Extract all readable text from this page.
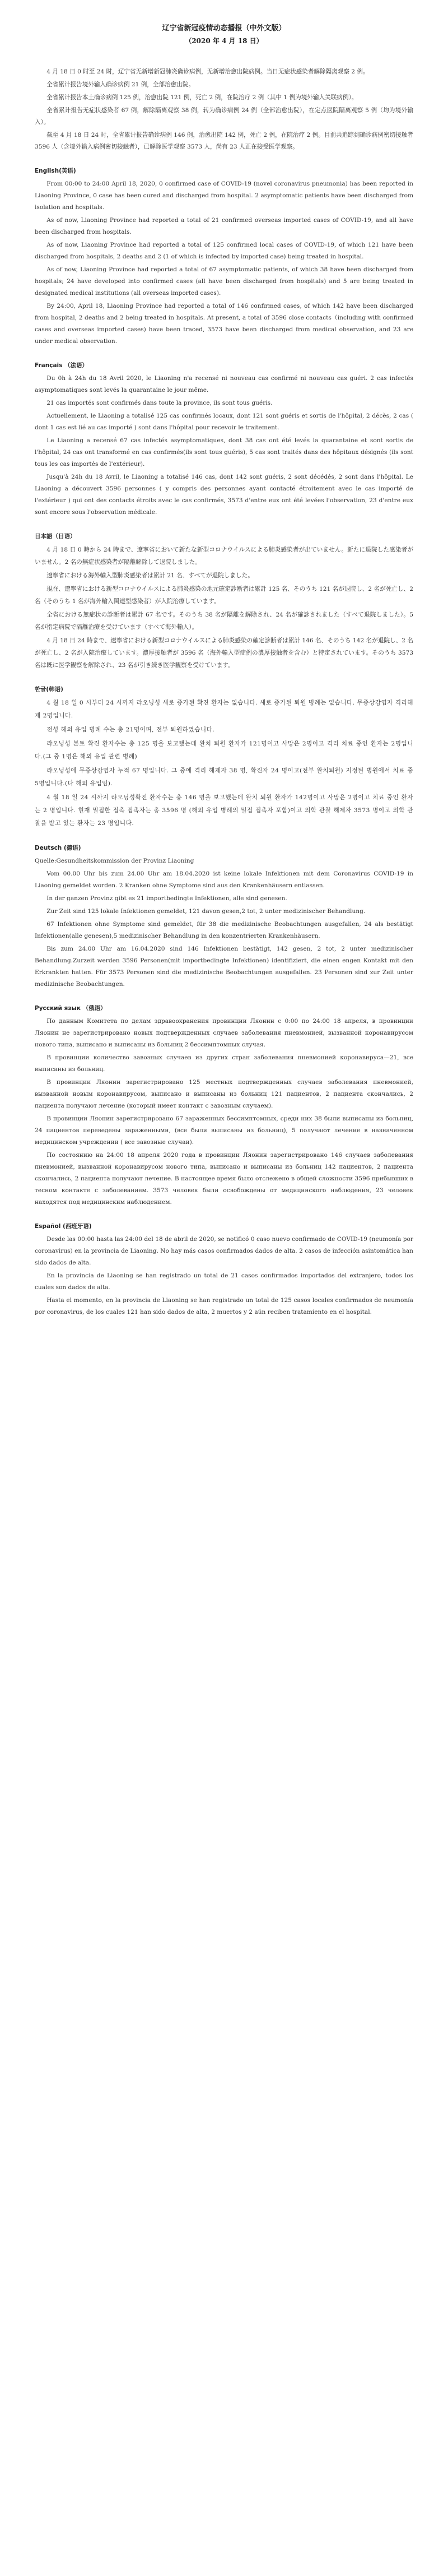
辽宁省新冠疫情动态播报（中外文版）
（2020 年 4 月 18 日）

4 月 18 日 0 时至 24 时，辽宁省无新增新冠肺炎确诊病例，无新增治愈出院病例。当日无症状感染者解除隔离观察 2 例。

全省累计报告境外输入确诊病例 21 例，全部治愈出院。

全省累计报告本土确诊病例 125 例，治愈出院 121 例，死亡 2 例，在院治疗 2 例（其中 1 例为境外输入关联病例）。

全省累计报告无症状感染者 67 例，解除隔离观察 38 例，转为确诊病例 24 例（全部治愈出院），在定点医院隔离观察 5 例（均为境外输入）。

截至 4 月 18 日 24 时，全省累计报告确诊病例 146 例，治愈出院 142 例，死亡 2 例，在院治疗 2 例。目前共追踪到确诊病例密切接触者 3596 人（含境外输入病例密切接触者），已解除医学观察 3573 人，尚有 23 人正在接受医学观察。

English(英语)

From 00:00 to 24:00 April 18, 2020, 0 confirmed case of COVID-19 (novel coronavirus pneumonia) has been reported in Liaoning Province, 0 case has been cured and discharged from hospital. 2 asymptomatic patients have been discharged from isolation and hospitals.

As of now, Liaoning Province had reported a total of 21 confirmed overseas imported cases of COVID-19, and all have been discharged from hospitals.

As of now, Liaoning Province had reported a total of 125 confirmed local cases of COVID-19, of which 121 have been discharged from hospitals, 2 deaths and 2 (1 of which is infected by imported case) being treated in hospital.

As of now, Liaoning Province had reported a total of 67 asymptomatic patients, of which 38 have been discharged from hospitals; 24 have developed into confirmed cases (all have been discharged from hospitals) and 5 are being treated in designated medical institutions (all overseas imported cases).

By 24:00, April 18, Liaoning Province had reported a total of 146 confirmed cases, of which 142 have been discharged from hospital, 2 deaths and 2 being treated in hospitals. At present, a total of 3596 close contacts（including with confirmed cases and overseas imported cases) have been traced, 3573 have been discharged from medical observation, and 23 are under medical observation.

Français （法语）

Du 0h à 24h du 18 Avril 2020, le Liaoning n'a recensé ni nouveau cas confirmé ni nouveau cas guéri. 2 cas infectés asymptomatiques sont levés la quarantaine le jour même.

21 cas importés sont confirmés dans toute la province, ils sont tous guéris.

Actuellement, le Liaoning a totalisé 125 cas confirmés locaux, dont 121 sont guéris et sortis de l'hôpital, 2 décès, 2 cas ( dont 1 cas est lié au cas importé ) sont dans l'hôpital pour recevoir le traitement.

Le Liaoning a recensé 67 cas infectés asymptomatiques, dont 38 cas ont été levés la quarantaine et sont sortis de l'hôpital, 24 cas ont transformé en cas confirmés(ils sont tous guéris), 5 cas sont traités dans des hôpitaux désignés (ils sont tous les cas importés de l'extérieur).

Jusqu'à 24h du 18 Avril, le Liaoning a totalisé 146 cas, dont 142 sont guéris, 2 sont décédés, 2 sont dans l'hôpital. Le Liaoning a découvert 3596 personnes ( y compris des personnes ayant contacté étroitement avec le cas importé de l'extérieur ) qui ont des contacts étroits avec le cas confirmés, 3573 d'entre eux ont été levées l'observation, 23 d'entre eux sont encore sous l'observation médicale.

日本語（日语）

4 月 18 日 0 時から 24 時まで、遼寧省において新たな新型コロナウイルスによる肺炎感染者が出ていません。新たに退院した感染者がいません。2 名の無症状感染者が隔離解除して退院しました。

遼寧省における海外輸入型肺炎感染者は累計 21 名、すべてが退院しました。

現在、遼寧省における新型コロナウイルスによる肺炎感染の地元確定診断者は累計 125 名、そのうち 121 名が退院し、2 名が死亡し、2 名（そのうち 1 名が海外輸入関連型感染者）が入院治療しています。

全省における無症状の診断者は累計 67 名です。そのうち 38 名が隔離を解除され、24 名が確診されました（すべて退院しました）。5 名が指定病院で隔離治療を受けています（すべて海外輸入）。

4 月 18 日 24 時まで、遼寧省における新型コロナウイルスによる肺炎感染の確定診断者は累計 146 名、そのうち 142 名が退院し、2 名が死亡し、2 名が入院治療しています。濃厚接触者が 3596 名（海外輸入型症例の濃厚接触者を含む）と特定されています。そのうち 3573 名は既に医学観察を解除され、23 名が引き続き医学観察を受けています。

한글(韩语)

4 월 18 일 0 시부터 24 시까지 랴오닝성 새로 증가된 확진 환자는 없습니다. 새로 증가된 퇴원 병례는 없습니다. 무증상감염자 격리해제 2명입니다.

전성 해외 유입 병례 수는 총 21명이며, 전부 퇴원하였습니다.

랴오닝성 본토 확진 환자수는 총 125 명을 보고했는데 완치 퇴원 환자가 121명이고 사망은 2명이고 격리 치료 중인 환자는 2명입니다.(그 중 1명은 해외 유입 관련 병례)

랴오닝성에 무증상감염자 누적 67 명입니다. 그 중에 격리 해제자 38 명, 확진자 24 명이고(전부 완치퇴원) 지정된 병원에서 치료 중 5명입니다.(다 해외 유입임).

4 월 18 일 24 시까지 랴오닝성확진 환자수는 총 146 명을 보고했는데 완치 퇴원 환자가 142명이고 사망은 2명이고 치료 중인 환자는 2 명입니다. 현재 밀접한 접촉 접촉자는 총 3596 명 (해외 유입 병례의 밀접 접촉자 포함)이고 의학 관찰 해제자 3573 명이고 의학 관찰을 받고 있는 환자는 23 명입니다.

Deutsch (德语)

Quelle:Gesundheitskommission der Provinz Liaoning

Vom 00.00 Uhr bis zum 24.00 Uhr am 18.04.2020 ist keine lokale Infektionen mit dem Coronavirus COVID-19 in Liaoning gemeldet worden. 2 Kranken ohne Symptome sind aus den Krankenhäusern entlassen.

In der ganzen Provinz gibt es 21 importbedingte Infektionen, alle sind genesen.

Zur Zeit sind 125 lokale Infektionen gemeldet, 121 davon gesen,2 tot, 2 unter medizinischer Behandlung.

67 Infektionen ohne Symptome sind gemeldet, für 38 die medizinische Beobachtungen ausgefallen, 24 als bestätigt Infektionen(alle genesen),5 medizinischer Behandlung in den konzentrierten Krankenhäusern.

Bis zum 24.00 Uhr am 16.04.2020 sind 146 Infektionen bestätigt, 142 gesen, 2 tot, 2 unter medizinischer Behandlung.Zurzeit werden 3596 Personen(mit importbedingte Infektionen) identifiziert, die einen engen Kontakt mit den Erkrankten hatten. Für 3573 Personen sind die medizinische Beobachtungen ausgefallen. 23 Personen sind zur Zeit unter medizinische Beobachtungen.

Русский язык （俄语）

По данным Комитета по делам здравоохранения провинции Ляонин с 0:00 по 24:00 18 апреля, в провинции Ляонин не зарегистрировано новых подтвержденных случаев заболевания пневмонией, вызванной коронавирусом нового типа, выписано и выписаны из больниц 2 бессимптомных случая.

В провинции количество завозных случаев из других стран заболевания пневмонией коронавируса—21, все выписаны из больниц.

В провинции Ляонин зарегистрировано 125 местных подтвержденных случаев заболевания пневмонией, вызванной новым коронавирусом, выписано и выписаны из больниц 121 пациентов, 2 пациента скончались, 2 пациента получают лечение (который имеет контакт с завозным случаем).

В провинции Ляонин зарегистрировано 67 зараженных бессимптомных, среди них 38 были выписаны из больниц, 24 пациентов переведены зараженными, (все были выписаны из больниц), 5 получают лечение в назначенном медицинском учреждении ( все завозные случаи).

По состоянию на 24:00 18 апреля 2020 года в провинции Ляонин зарегистрировано 146 случаев заболевания пневмонией, вызванной коронавирусом нового типа, выписано и выписаны из больниц 142 пациентов, 2 пациента скончались, 2 пациента получают лечение. В настоящее время было отслежено в общей сложности 3596 прибывших в тесном контакте с заболеванием. 3573 человек были освобождены от медицинского наблюдения, 23 человек находятся под медицинским наблюдением.

Español (西班牙语)

Desde las 00:00 hasta las 24:00 del 18 de abril de 2020, se notificó 0 caso nuevo confirmado de COVID-19 (neumonía por coronavirus) en la provincia de Liaoning. No hay más casos confirmados dados de alta. 2 casos de infección asintomática han sido dados de alta.

En la provincia de Liaoning se han registrado un total de 21 casos confirmados importados del extranjero, todos los cuales son dados de alta.

Hasta el momento, en la provincia de Liaoning se han registrado un total de 125 casos locales confirmados de neumonía por coronavirus, de los cuales 121 han sido dados de alta, 2 muertos y 2 aún reciben tratamiento en el hospital.
